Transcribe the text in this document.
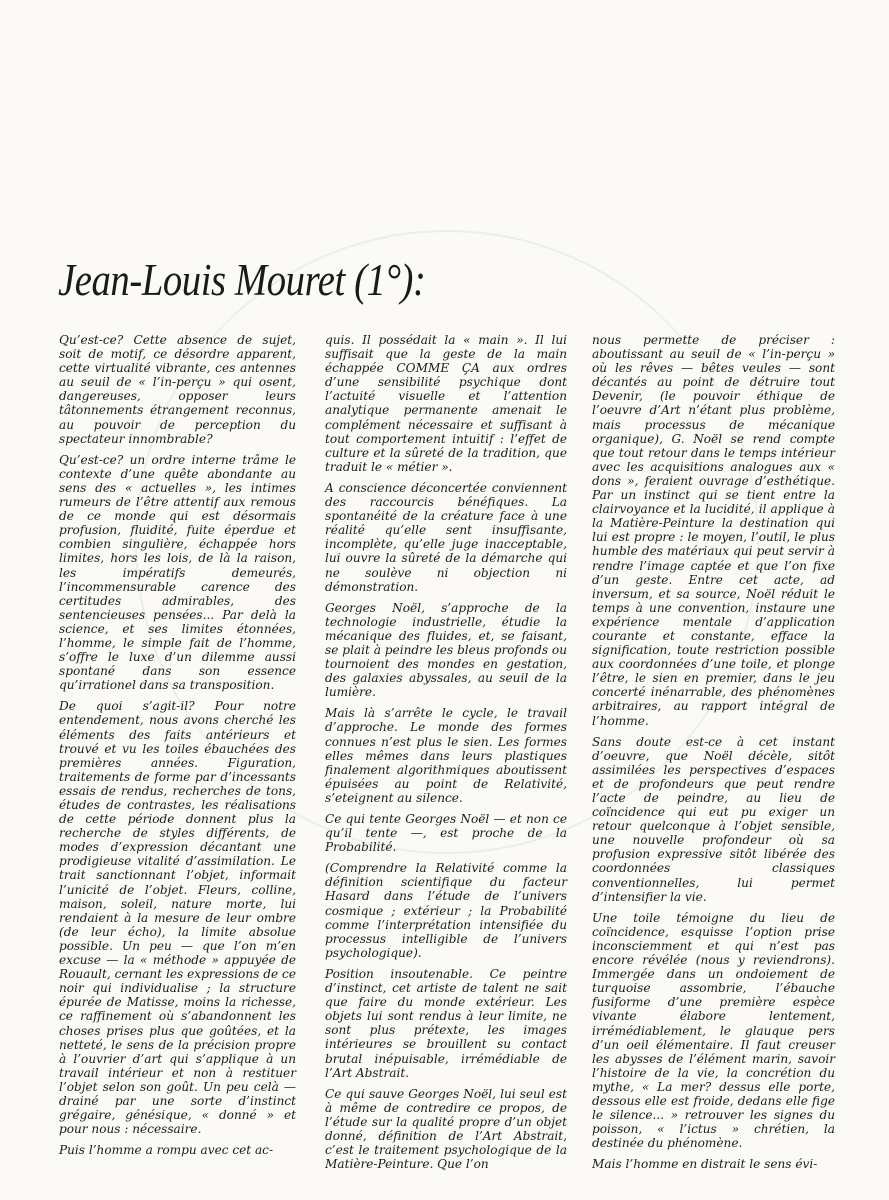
Jean-Louis Mouret (1°):

Qu’est-ce? Cette absence de sujet, soit de motif, ce désordre apparent, cette virtualité vibrante, ces antennes au seuil de « l’in-perçu » qui osent, dangereuses, opposer leurs tâtonnements étrangement reconnus, au pouvoir de perception du spectateur innombrable?

Qu’est-ce? un ordre interne trâme le contexte d’une quête abondante au sens des « actuelles », les intimes rumeurs de l’être attentif aux remous de ce monde qui est désormais profusion, fluidité, fuite éperdue et combien singulière, échappée hors limites, hors les lois, de là la raison, les impératifs demeurés, l’incommensurable carence des certitudes admirables, des sentencieuses pensées... Par delà la science, et ses limites étonnées, l’homme, le simple fait de l’homme, s’offre le luxe d’un dilemme aussi spontané dans son essence qu’irrationel dans sa transposition.

De quoi s’agit-il? Pour notre entendement, nous avons cherché les éléments des faits antérieurs et trouvé et vu les toiles ébauchées des premières années. Figuration, traitements de forme par d’incessants essais de rendus, recherches de tons, études de contrastes, les réalisations de cette période donnent plus la recherche de styles différents, de modes d’expression décantant une prodigieuse vitalité d’assimilation. Le trait sanctionnant l’objet, informait l’unicité de l’objet. Fleurs, colline, maison, soleil, nature morte, lui rendaient à la mesure de leur ombre (de leur écho), la limite absolue possible. Un peu — que l’on m’en excuse — la « méthode » appuyée de Rouault, cernant les expressions de ce noir qui individualise ; la structure épurée de Matisse, moins la richesse, ce raffinement où s’abandonnent les choses prises plus que goûtées, et la netteté, le sens de la précision propre à l’ouvrier d’art qui s’applique à un travail intérieur et non à restituer l’objet selon son goût. Un peu celà — drainé par une sorte d’instinct grégaire, génésique, « donné » et pour nous : nécessaire.

Puis l’homme a rompu avec cet ac-

quis. Il possédait la « main ». Il lui suffisait que la geste de la main échappée COMME ÇA aux ordres d’une sensibilité psychique dont l’actuité visuelle et l’attention analytique permanente amenait le complément nécessaire et suffisant à tout comportement intuitif : l’effet de culture et la sûreté de la tradition, que traduit le « métier ».

A conscience déconcertée conviennent des raccourcis bénéfiques. La spontanéité de la créature face à une réalité qu’elle sent insuffisante, incomplète, qu’elle juge inacceptable, lui ouvre la sûreté de la démarche qui ne soulève ni objection ni démonstration.

Georges Noël, s’approche de la technologie industrielle, étudie la mécanique des fluides, et, se faisant, se plait à peindre les bleus profonds ou tournoient des mondes en gestation, des galaxies abyssales, au seuil de la lumière.

Mais là s’arrête le cycle, le travail d’approche. Le monde des formes connues n’est plus le sien. Les formes elles mêmes dans leurs plastiques finalement algorithmiques aboutissent épuisées au point de Relativité, s’eteignent au silence.

Ce qui tente Georges Noël — et non ce qu’il tente —, est proche de la Probabilité.

(Comprendre la Relativité comme la définition scientifique du facteur Hasard dans l’étude de l’univers cosmique ; extérieur ; la Probabilité comme l’interprétation intensifiée du processus intelligible de l’univers psychologique).

Position insoutenable. Ce peintre d’instinct, cet artiste de talent ne sait que faire du monde extérieur. Les objets lui sont rendus à leur limite, ne sont plus prétexte, les images intérieures se brouillent su contact brutal inépuisable, irrémédiable de l’Art Abstrait.

Ce qui sauve Georges Noël, lui seul est à même de contredire ce propos, de l’étude sur la qualité propre d’un objet donné, définition de l’Art Abstrait, c’est le traitement psychologique de la Matière-Peinture. Que l’on

nous permette de préciser : aboutissant au seuil de « l’in-perçu » où les rêves — bêtes veules — sont décantés au point de détruire tout Devenir, (le pouvoir éthique de l’oeuvre d’Art n’étant plus problème, mais processus de mécanique organique), G. Noël se rend compte que tout retour dans le temps intérieur avec les acquisitions analogues aux « dons », feraient ouvrage d’esthétique. Par un instinct qui se tient entre la clairvoyance et la lucidité, il applique à la Matière-Peinture la destination qui lui est propre : le moyen, l’outil, le plus humble des matériaux qui peut servir à rendre l’image captée et que l’on fixe d’un geste. Entre cet acte, ad inversum, et sa source, Noël réduit le temps à une convention, instaure une expérience mentale d’application courante et constante, efface la signification, toute restriction possible aux coordonnées d’une toile, et plonge l’être, le sien en premier, dans le jeu concerté inénarrable, des phénomènes arbitraires, au rapport intégral de l’homme.

Sans doute est-ce à cet instant d’oeuvre, que Noël décèle, sitôt assimilées les perspectives d’espaces et de profondeurs que peut rendre l’acte de peindre, au lieu de coïncidence qui eut pu exiger un retour quelconque à l’objet sensible, une nouvelle profondeur où sa profusion expressive sitôt libérée des coordonnées classiques conventionnelles, lui permet d’intensifier la vie.

Une toile témoigne du lieu de coïncidence, esquisse l’option prise inconsciemment et qui n’est pas encore révélée (nous y reviendrons). Immergée dans un ondoiement de turquoise assombrie, l’ébauche fusiforme d’une première espèce vivante élabore lentement, irrémédiablement, le glauque pers d’un oeil élémentaire. Il faut creuser les abysses de l’élément marin, savoir l’histoire de la vie, la concrétion du mythe, « La mer? dessus elle porte, dessous elle est froide, dedans elle fige le silence... » retrouver les signes du poisson, « l’ictus » chrétien, la destinée du phénomène.

Mais l’homme en distrait le sens évi-
